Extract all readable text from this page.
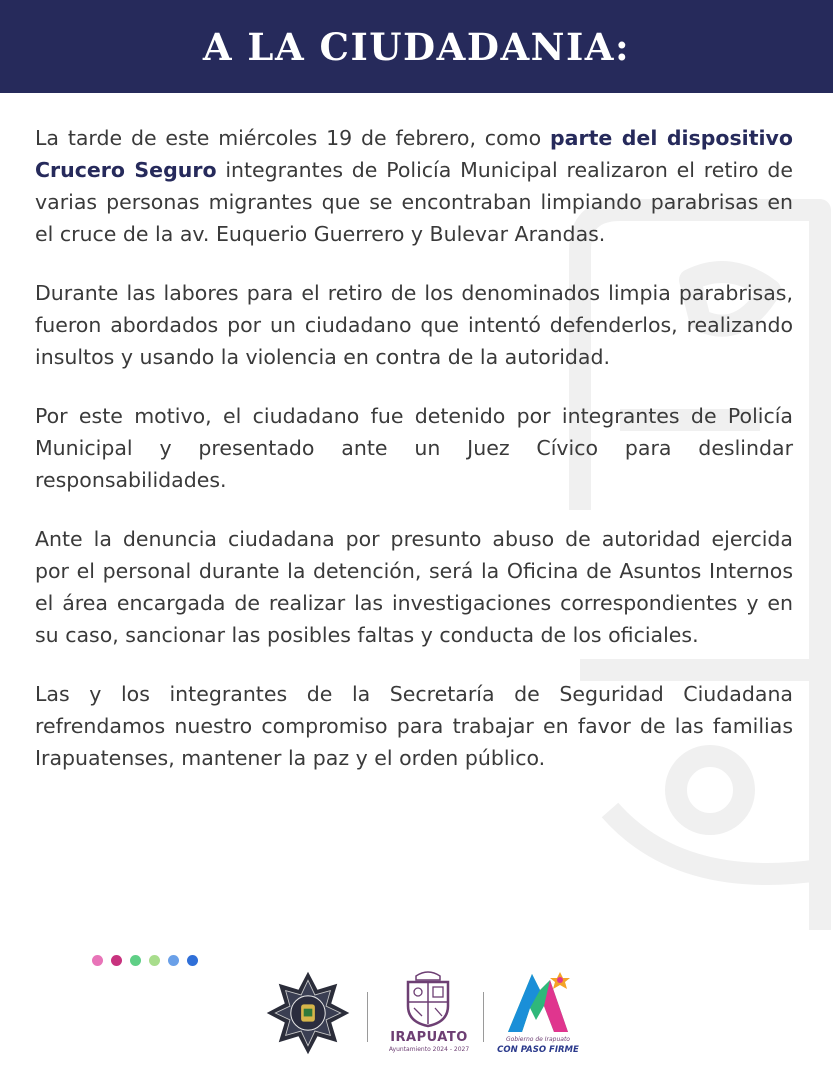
A LA CIUDADANIA:

La tarde de este miércoles 19 de febrero, como parte del dispositivo Crucero Seguro integrantes de Policía Municipal realizaron el retiro de varias personas migrantes que se encontraban limpiando parabrisas en el cruce de la av. Euquerio Guerrero y Bulevar Arandas.

Durante las labores para el retiro de los denominados limpia parabrisas, fueron abordados por un ciudadano que intentó defenderlos, realizando insultos y usando la violencia en contra de la autoridad.

Por este motivo, el ciudadano fue detenido por integrantes de Policía Municipal y presentado ante un Juez Cívico para deslindar responsabilidades.

Ante la denuncia ciudadana por presunto abuso de autoridad ejercida por el personal durante la detención, será la Oficina de Asuntos Internos el área encargada de realizar las investigaciones correspondientes y en su caso, sancionar las posibles faltas y conducta de los oficiales.

Las y los integrantes de la Secretaría de Seguridad Ciudadana refrendamos nuestro compromiso para trabajar en favor de las familias Irapuatenses, mantener la paz y el orden público.

IRAPUATO
Ayuntamiento 2024 - 2027
Gobierno de Irapuato
CON PASO FIRME
